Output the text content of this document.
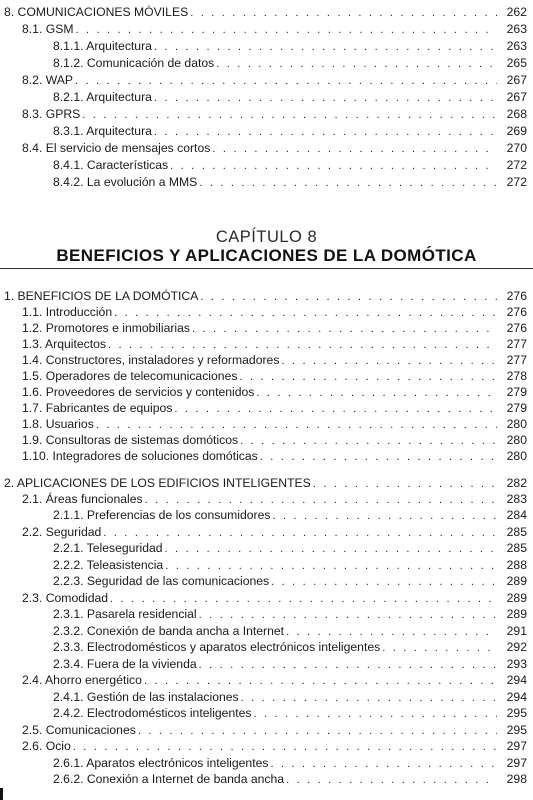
8. COMUNICACIONES MÓVILES . . .	262
8.1. GSM . . .	263
8.1.1. Arquitectura . . .	263
8.1.2. Comunicación de datos . . .	265
8.2. WAP . . .	267
8.2.1. Arquitectura . . .	267
8.3. GPRS . . .	268
8.3.1. Arquitectura . . .	269
8.4. El servicio de mensajes cortos . . .	270
8.4.1. Características . . .	272
8.4.2. La evolución a MMS . . .	272
CAPÍTULO 8
BENEFICIOS Y APLICACIONES DE LA DOMÓTICA
1. BENEFICIOS DE LA DOMÓTICA . . .	276
1.1. Introducción . . .	276
1.2. Promotores e inmobiliarias . . .	276
1.3. Arquitectos . . .	277
1.4. Constructores, instaladores y reformadores . . .	277
1.5. Operadores de telecomunicaciones . . .	278
1.6. Proveedores de servicios y contenidos . . .	279
1.7. Fabricantes de equipos . . .	279
1.8. Usuarios . . .	280
1.9. Consultoras de sistemas domóticos . . .	280
1.10. Integradores de soluciones domóticas . . .	280
2. APLICACIONES DE LOS EDIFICIOS INTELIGENTES . . .	282
2.1. Áreas funcionales . . .	283
2.1.1. Preferencias de los consumidores . . .	284
2.2. Seguridad . . .	285
2.2.1. Teleseguridad . . .	285
2.2.2. Teleasistencia . . .	288
2.2.3. Seguridad de las comunicaciones . . .	289
2.3. Comodidad . . .	289
2.3.1. Pasarela residencial . . .	289
2.3.2. Conexión de banda ancha a Internet . . .	291
2.3.3. Electrodomésticos y aparatos electrónicos inteligentes . . .	292
2.3.4. Fuera de la vivienda . . .	293
2.4. Ahorro energético . . .	294
2.4.1. Gestión de las instalaciones . . .	294
2.4.2. Electrodomésticos inteligentes . . .	295
2.5. Comunicaciones . . .	295
2.6. Ocio . . .	297
2.6.1. Aparatos electrónicos inteligentes . . .	297
2.6.2. Conexión a Internet de banda ancha . . .	298
